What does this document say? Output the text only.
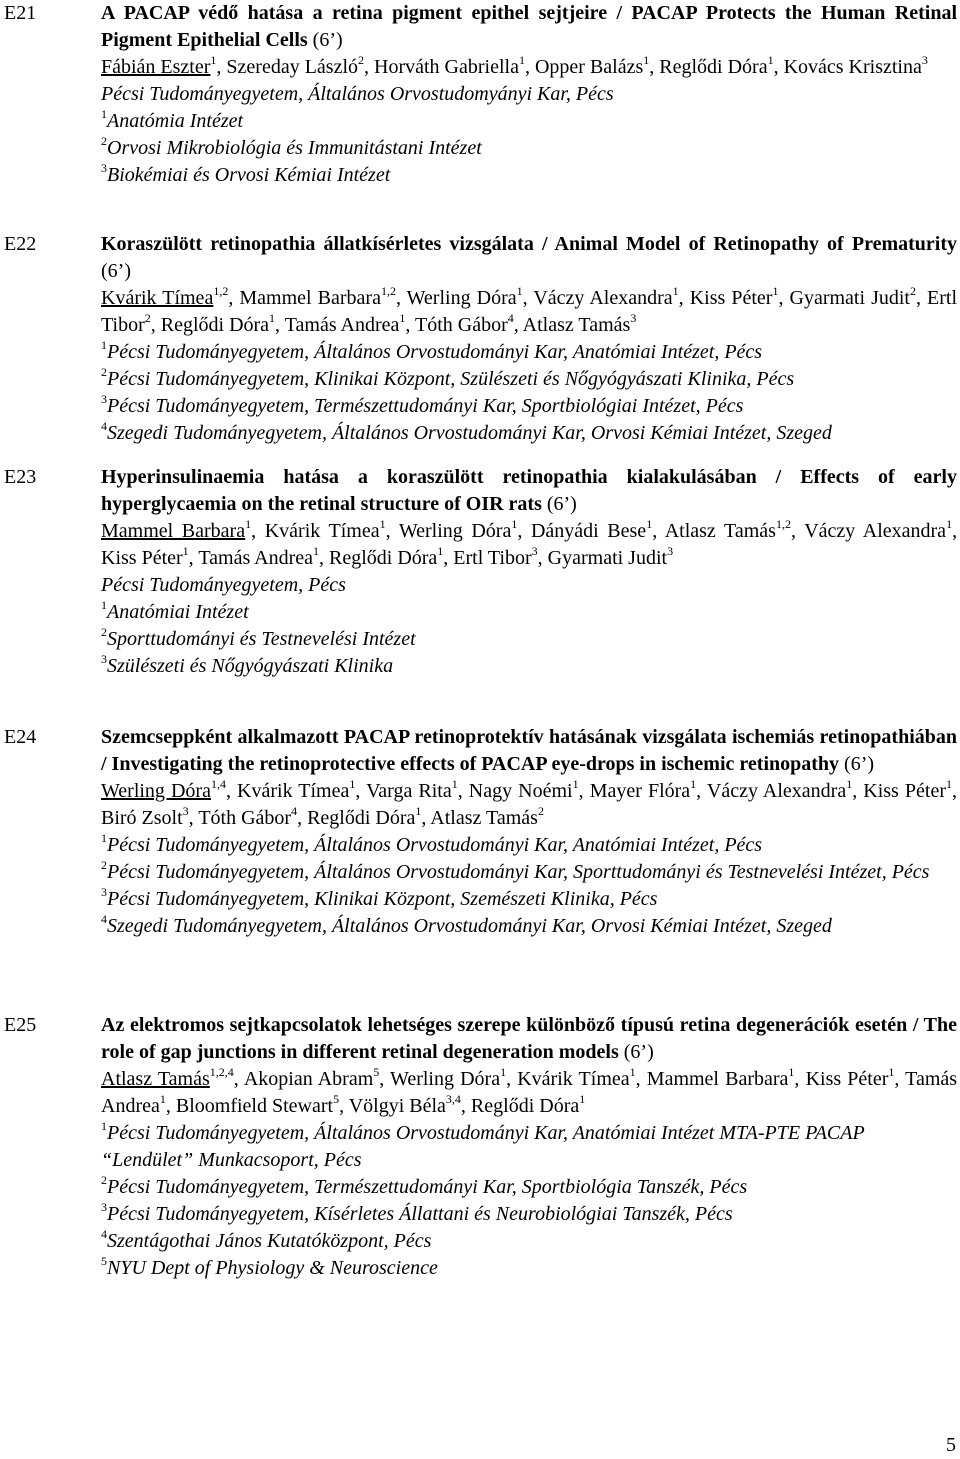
E21	A PACAP védő hatása a retina pigment epithel sejtjeire / PACAP Protects the Human Retinal Pigment Epithelial Cells (6’)
Fábián Eszter$^1$, Szereday László$^2$, Horváth Gabriella$^1$, Opper Balázs$^1$, Reglődi Dóra$^1$, Kovács Krisztina$^3$
Pécsi Tudományegyetem, Általános Orvostudomyányi Kar, Pécs
$^1$Anatómia Intézet
$^2$Orvosi Mikrobiológia és Immunitástani Intézet
$^3$Biokémiai és Orvosi Kémiai Intézet
E22	Koraszülött retinopathia állatkísérletes vizsgálata / Animal Model of Retinopathy of Prematurity (6’)
Kvárik Tímea$^{1,2}$, Mammel Barbara$^{1,2}$, Werling Dóra$^1$, Váczy Alexandra$^1$, Kiss Péter$^1$, Gyarmati Judit$^2$, Ertl Tibor$^2$, Reglődi Dóra$^1$, Tamás Andrea$^1$, Tóth Gábor$^4$, Atlasz Tamás$^3$
$^1$Pécsi Tudományegyetem, Általános Orvostudományi Kar, Anatómiai Intézet, Pécs
$^2$Pécsi Tudományegyetem, Klinikai Központ, Szülészeti és Nőgyógyászati Klinika, Pécs
$^3$Pécsi Tudományegyetem, Természettudományi Kar, Sportbiológiai Intézet, Pécs
$^4$Szegedi Tudományegyetem, Általános Orvostudományi Kar, Orvosi Kémiai Intézet, Szeged
E23	Hyperinsulinaemia hatása a koraszülött retinopathia kialakulásában / Effects of early hyperglycaemia on the retinal structure of OIR rats (6’)
Mammel Barbara$^1$, Kvárik Tímea$^1$, Werling Dóra$^1$, Dányádi Bese$^1$, Atlasz Tamás$^{1,2}$, Váczy Alexandra$^1$, Kiss Péter$^1$, Tamás Andrea$^1$, Reglődi Dóra$^1$, Ertl Tibor$^3$, Gyarmati Judit$^3$
Pécsi Tudományegyetem, Pécs
$^1$Anatómiai Intézet
$^2$Sporttudományi és Testnevelési Intézet
$^3$Szülészeti és Nőgyógyászati Klinika
E24	Szemcseppként alkalmazott PACAP retinoprotektív hatásának vizsgálata ischemiás retinopathiában / Investigating the retinoprotective effects of PACAP eye-drops in ischemic retinopathy (6’)
Werling Dóra$^{1,4}$, Kvárik Tímea$^1$, Varga Rita$^1$, Nagy Noémi$^1$, Mayer Flóra$^1$, Váczy Alexandra$^1$, Kiss Péter$^1$, Biró Zsolt$^3$, Tóth Gábor$^4$, Reglődi Dóra$^1$, Atlasz Tamás$^2$
$^1$Pécsi Tudományegyetem, Általános Orvostudományi Kar, Anatómiai Intézet, Pécs
$^2$Pécsi Tudományegyetem, Általános Orvostudományi Kar, Sporttudományi és Testnevelési Intézet, Pécs
$^3$Pécsi Tudományegyetem, Klinikai Központ, Szemészeti Klinika, Pécs
$^4$Szegedi Tudományegyetem, Általános Orvostudományi Kar, Orvosi Kémiai Intézet, Szeged
E25	Az elektromos sejtkapcsolatok lehetséges szerepe különböző típusú retina degenerációk esetén / The role of gap junctions in different retinal degeneration models (6’)
Atlasz Tamás$^{1,2,4}$, Akopian Abram$^5$, Werling Dóra$^1$, Kvárik Tímea$^1$, Mammel Barbara$^1$, Kiss Péter$^1$, Tamás Andrea$^1$, Bloomfield Stewart$^5$, Völgyi Béla$^{3,4}$, Reglődi Dóra$^1$
$^1$Pécsi Tudományegyetem, Általános Orvostudományi Kar, Anatómiai Intézet MTA-PTE PACAP “Lendület” Munkacsoport, Pécs
$^2$Pécsi Tudományegyetem, Természettudományi Kar, Sportbiológia Tanszék, Pécs
$^3$Pécsi Tudományegyetem, Kísérletes Állattani és Neurobiológiai Tanszék, Pécs
$^4$Szentágothai János Kutatóközpont, Pécs
$^5$NYU Dept of Physiology & Neuroscience
5
